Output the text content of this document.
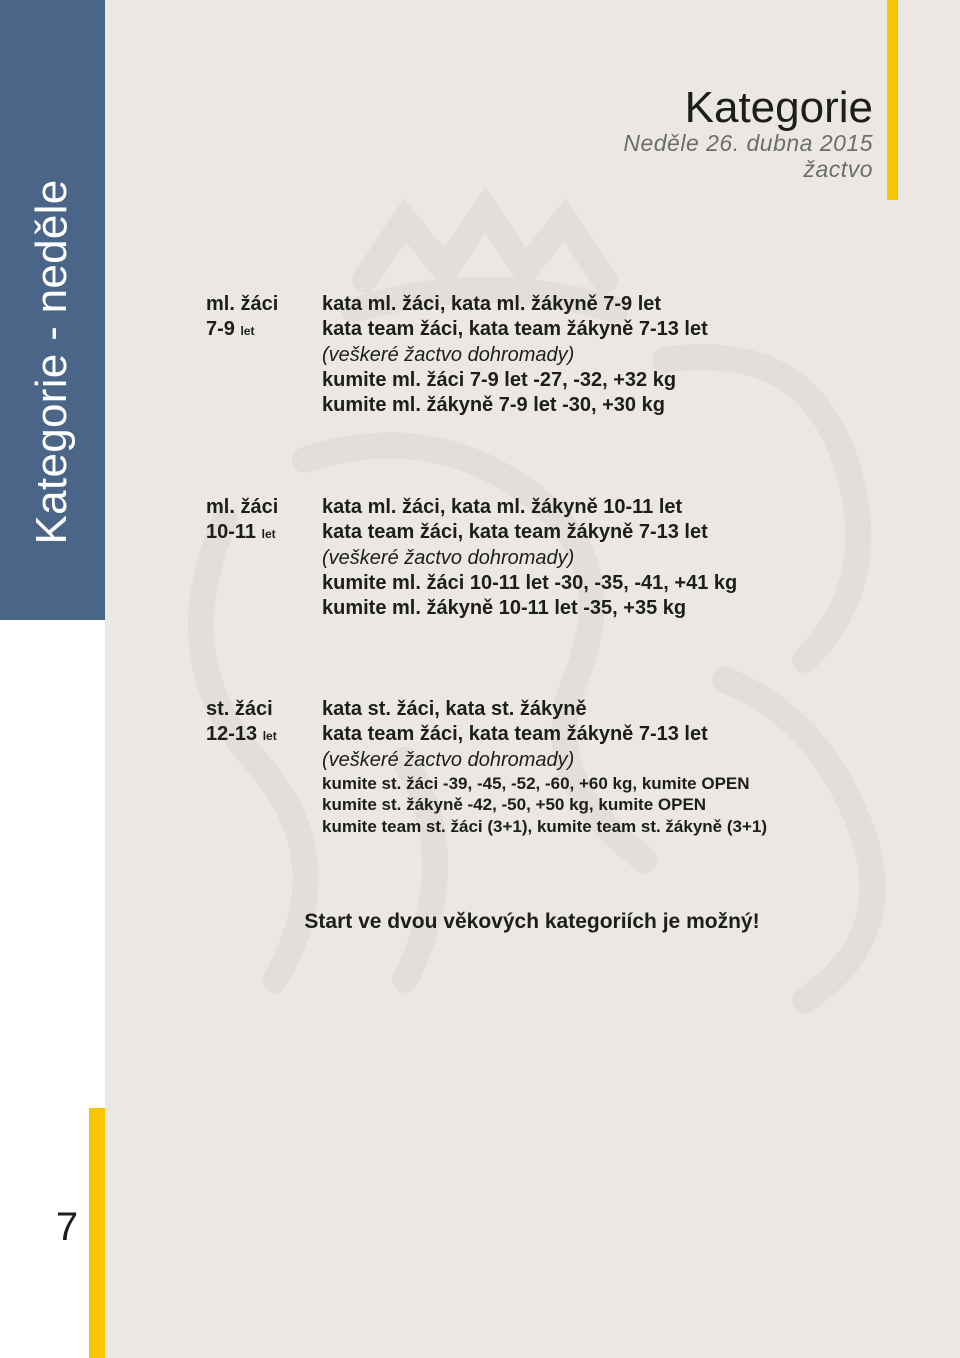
Kategorie - neděle
7
Kategorie
Neděle 26. dubna 2015
žactvo
ml. žáci
7-9 let
kata ml. žáci, kata ml. žákyně 7-9 let
kata team žáci, kata team žákyně 7-13 let
(veškeré žactvo dohromady)
kumite ml. žáci 7-9 let -27, -32, +32 kg
kumite ml. žákyně 7-9 let -30, +30 kg
ml. žáci
10-11 let
kata ml. žáci, kata ml. žákyně 10-11 let
kata team žáci, kata team žákyně 7-13 let
(veškeré žactvo dohromady)
kumite ml. žáci 10-11 let -30, -35, -41, +41 kg
kumite ml. žákyně 10-11 let -35, +35 kg
st. žáci
12-13 let
kata st. žáci, kata st. žákyně
kata team žáci, kata team žákyně 7-13 let
(veškeré žactvo dohromady)
kumite st. žáci -39, -45, -52, -60, +60 kg, kumite OPEN
kumite st. žákyně -42, -50, +50 kg, kumite OPEN
kumite team st. žáci (3+1), kumite team st. žákyně (3+1)
Start ve dvou věkových kategoriích je možný!
